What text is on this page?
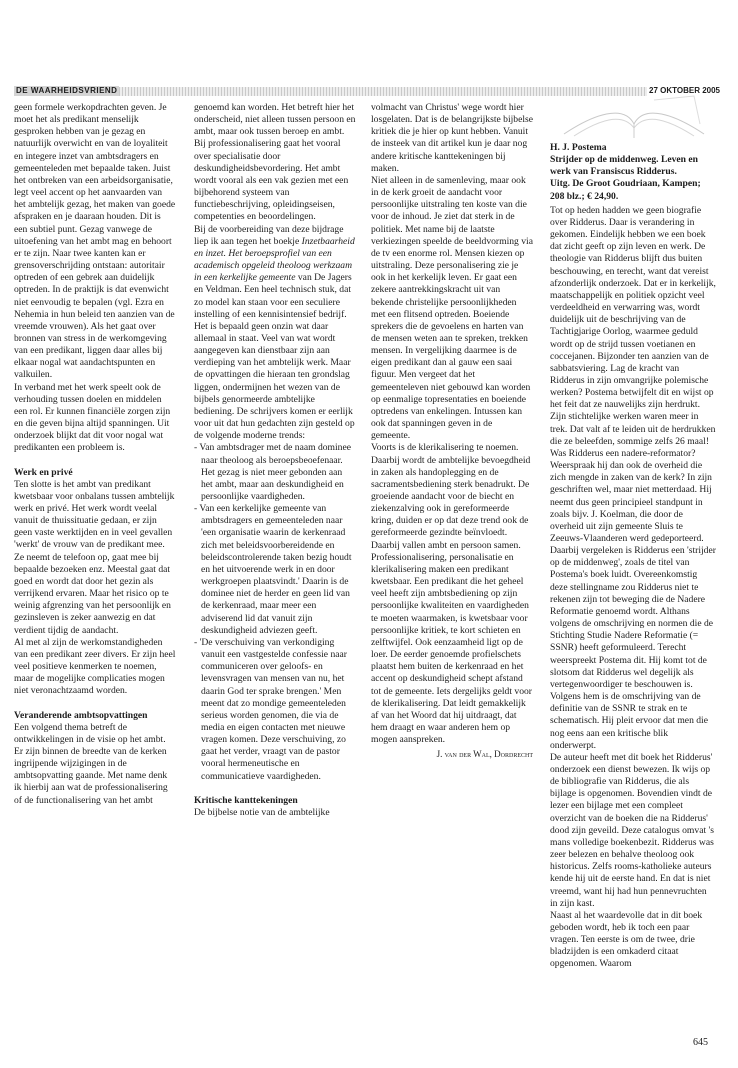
DE WAARHEIDSVRIEND	27 OKTOBER 2005

geen formele werkopdrachten geven. Je moet het als predikant menselijk gesproken hebben van je gezag en natuurlijk overwicht en van de loyaliteit en integere inzet van ambtsdragers en gemeenteleden met bepaalde taken. Juist het ontbreken van een arbeidsorganisatie, legt veel accent op het aanvaarden van het ambtelijk gezag, het maken van goede afspraken en je daaraan houden. Dit is een subtiel punt. Gezag vanwege de uitoefening van het ambt mag en behoort er te zijn. Naar twee kanten kan er grensoverschrijding ontstaan: autoritair optreden of een gebrek aan duidelijk optreden. In de praktijk is dat evenwicht niet eenvoudig te bepalen (vgl. Ezra en Nehemia in hun beleid ten aanzien van de vreemde vrouwen). Als het gaat over bronnen van stress in de werkomgeving van een predikant, liggen daar alles bij elkaar nogal wat aandachtspunten en valkuilen.

In verband met het werk speelt ook de verhouding tussen doelen en middelen een rol. Er kunnen financiële zorgen zijn en die geven bijna altijd spanningen. Uit onderzoek blijkt dat dit voor nogal wat predikanten een probleem is.

Werk en privé

Ten slotte is het ambt van predikant kwetsbaar voor onbalans tussen ambtelijk werk en privé. Het werk wordt veelal vanuit de thuissituatie gedaan, er zijn geen vaste werktijden en in veel gevallen 'werkt' de vrouw van de predikant mee. Ze neemt de telefoon op, gaat mee bij bepaalde bezoeken enz. Meestal gaat dat goed en wordt dat door het gezin als verrijkend ervaren. Maar het risico op te weinig afgrenzing van het persoonlijk en gezinsleven is zeker aanwezig en dat verdient tijdig de aandacht.

Al met al zijn de werkomstandigheden van een predikant zeer divers. Er zijn heel veel positieve kenmerken te noemen, maar de mogelijke complicaties mogen niet veronachtzaamd worden.

Veranderende ambtsopvattingen

Een volgend thema betreft de ontwikkelingen in de visie op het ambt. Er zijn binnen de breedte van de kerken ingrijpende wijzigingen in de ambtsopvatting gaande. Met name denk ik hierbij aan wat de professionalisering of de functionalisering van het ambt

genoemd kan worden. Het betreft hier het onderscheid, niet alleen tussen persoon en ambt, maar ook tussen beroep en ambt. Bij professionalisering gaat het vooral over specialisatie door deskundigheidsbevordering. Het ambt wordt vooral als een vak gezien met een bijbehorend systeem van functiebeschrijving, opleidingseisen, competenties en beoordelingen.

Bij de voorbereiding van deze bijdrage liep ik aan tegen het boekje Inzetbaarheid en inzet. Het beroepsprofiel van een academisch opgeleid theoloog werkzaam in een kerkelijke gemeente van De Jagers en Veldman. Een heel technisch stuk, dat zo model kan staan voor een seculiere instelling of een kennisintensief bedrijf. Het is bepaald geen onzin wat daar allemaal in staat. Veel van wat wordt aangegeven kan dienstbaar zijn aan verdieping van het ambtelijk werk. Maar de opvattingen die hieraan ten grondslag liggen, ondermijnen het wezen van de bijbels genormeerde ambtelijke bediening. De schrijvers komen er eerlijk voor uit dat hun gedachten zijn gesteld op de volgende moderne trends:

- Van ambtsdrager met de naam dominee naar theoloog als beroepsbeoefenaar. Het gezag is niet meer gebonden aan het ambt, maar aan deskundigheid en persoonlijke vaardigheden.

- Van een kerkelijke gemeente van ambtsdragers en gemeenteleden naar 'een organisatie waarin de kerkenraad zich met beleidsvoorbereidende en beleidscontrolerende taken bezig houdt en het uitvoerende werk in en door werkgroepen plaatsvindt.' Daarin is de dominee niet de herder en geen lid van de kerkenraad, maar meer een adviserend lid dat vanuit zijn deskundigheid adviezen geeft.

- 'De verschuiving van verkondiging vanuit een vastgestelde confessie naar communiceren over geloofs- en levensvragen van mensen van nu, het daarin God ter sprake brengen.' Men meent dat zo mondige gemeenteleden serieus worden genomen, die via de media en eigen contacten met nieuwe vragen komen. Deze verschuiving, zo gaat het verder, vraagt van de pastor vooral hermeneutische en communicatieve vaardigheden.

Kritische kanttekeningen

De bijbelse notie van de ambtelijke

volmacht van Christus' wege wordt hier losgelaten. Dat is de belangrijkste bijbelse kritiek die je hier op kunt hebben. Vanuit de insteek van dit artikel kun je daar nog andere kritische kanttekeningen bij maken.

Niet alleen in de samenleving, maar ook in de kerk groeit de aandacht voor persoonlijke uitstraling ten koste van die voor de inhoud. Je ziet dat sterk in de politiek. Met name bij de laatste verkiezingen speelde de beeldvorming via de tv een enorme rol. Mensen kiezen op uitstraling. Deze personalisering zie je ook in het kerkelijk leven. Er gaat een zekere aantrekkingskracht uit van bekende christelijke persoonlijkheden met een flitsend optreden. Boeiende sprekers die de gevoelens en harten van de mensen weten aan te spreken, trekken mensen. In vergelijking daarmee is de eigen predikant dan al gauw een saai figuur. Men vergeet dat het gemeenteleven niet gebouwd kan worden op eenmalige topresentaties en boeiende optredens van enkelingen. Intussen kan ook dat spanningen geven in de gemeente.

Voorts is de klerikalisering te noemen. Daarbij wordt de ambtelijke bevoegdheid in zaken als handoplegging en de sacramentsbediening sterk benadrukt. De groeiende aandacht voor de biecht en ziekenzalving ook in gereformeerde kring, duiden er op dat deze trend ook de gereformeerde gezindte beïnvloedt. Daarbij vallen ambt en persoon samen.

Professionalisering, personalisatie en klerikalisering maken een predikant kwetsbaar. Een predikant die het geheel veel heeft zijn ambtsbediening op zijn persoonlijke kwaliteiten en vaardigheden te moeten waarmaken, is kwetsbaar voor persoonlijke kritiek, te kort schieten en zelftwijfel. Ook eenzaamheid ligt op de loer. De eerder genoemde profielschets plaatst hem buiten de kerkenraad en het accent op deskundigheid schept afstand tot de gemeente. Iets dergelijks geldt voor de klerikalisering. Dat leidt gemakkelijk af van het Woord dat hij uitdraagt, dat hem draagt en waar anderen hem op mogen aanspreken.

J. van der Wal, Dordrecht

H. J. Postema

Strijder op de middenweg. Leven en werk van Fransiscus Ridderus.

Uitg. De Groot Goudriaan, Kampen; 208 blz.; € 24,90.

Tot op heden hadden we geen biografie over Ridderus. Daar is verandering in gekomen. Eindelijk hebben we een boek dat zicht geeft op zijn leven en werk. De theologie van Ridderus blijft dus buiten beschouwing, en terecht, want dat vereist afzonderlijk onderzoek. Dat er in kerkelijk, maatschappelijk en politiek opzicht veel verdeeldheid en verwarring was, wordt duidelijk uit de beschrijving van de Tachtigjarige Oorlog, waarmee geduld wordt op de strijd tussen voetianen en coccejanen. Bijzonder ten aanzien van de sabbatsviering. Lag de kracht van Ridderus in zijn omvangrijke polemische werken? Postema betwijfelt dit en wijst op het feit dat ze nauwelijks zijn herdrukt. Zijn stichtelijke werken waren meer in trek. Dat valt af te leiden uit de herdrukken die ze beleefden, sommige zelfs 26 maal!

Was Ridderus een nadere-reformator? Weerspraak hij dan ook de overheid die zich mengde in zaken van de kerk? In zijn geschriften wel, maar niet metterdaad. Hij neemt dus geen principieel standpunt in zoals bijv. J. Koelman, die door de overheid uit zijn gemeente Sluis te Zeeuws-Vlaanderen werd gedeporteerd. Daarbij vergeleken is Ridderus een 'strijder op de middenweg', zoals de titel van Postema's boek luidt. Overeenkomstig deze stellingname zou Ridderus niet te rekenen zijn tot beweging die de Nadere Reformatie genoemd wordt. Althans volgens de omschrijving en normen die de Stichting Studie Nadere Reformatie (= SSNR) heeft geformuleerd. Terecht weerspreekt Postema dit. Hij komt tot de slotsom dat Ridderus wel degelijk als vertegenwoordiger te beschouwen is. Volgens hem is de omschrijving van de definitie van de SSNR te strak en te schematisch. Hij pleit ervoor dat men die nog eens aan een kritische blik onderwerpt.

De auteur heeft met dit boek het Ridderus' onderzoek een dienst bewezen. Ik wijs op de bibliografie van Ridderus, die als bijlage is opgenomen. Bovendien vindt de lezer een bijlage met een compleet overzicht van de boeken die na Ridderus' dood zijn geveild. Deze catalogus omvat 's mans volledige boekenbezit. Ridderus was zeer belezen en behalve theoloog ook historicus. Zelfs rooms-katholieke auteurs kende hij uit de eerste hand. En dat is niet vreemd, want hij had hun pennevruchten in zijn kast.

Naast al het waardevolle dat in dit boek geboden wordt, heb ik toch een paar vragen. Ten eerste is om de twee, drie bladzijden is een omkaderd citaat opgenomen. Waarom

645
